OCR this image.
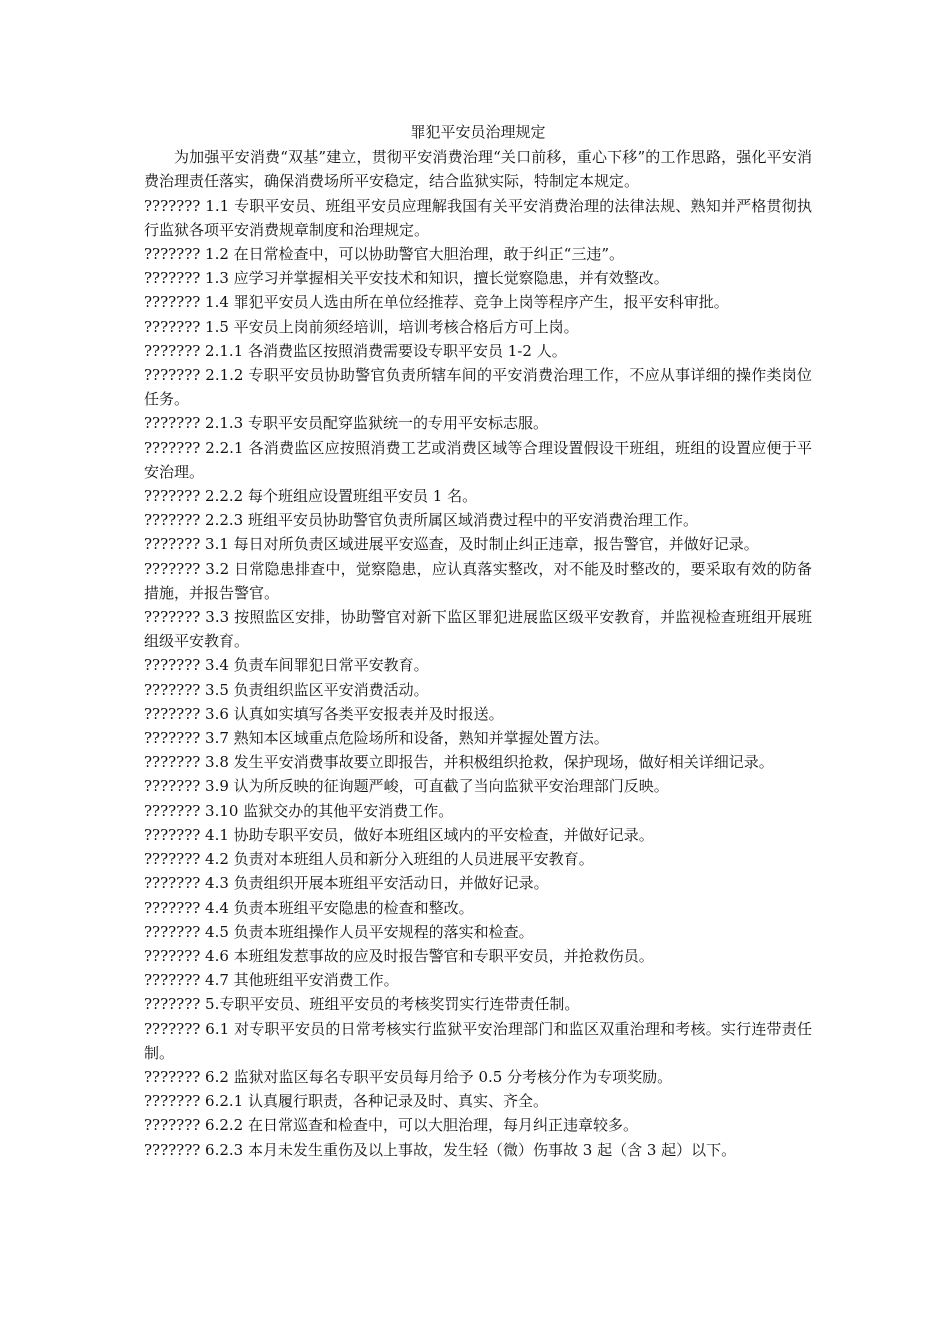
罪犯平安员治理规定
为加强平安消费“双基”建立，贯彻平安消费治理“关口前移，重心下移”的工作思路，强化平安消费治理责任落实，确保消费场所平安稳定，结合监狱实际，特制定本规定。
??????? 1.1 专职平安员、班组平安员应理解我国有关平安消费治理的法律法规、熟知并严格贯彻执行监狱各项平安消费规章制度和治理规定。
??????? 1.2 在日常检查中，可以协助警官大胆治理，敢于纠正“三违”。
??????? 1.3 应学习并掌握相关平安技术和知识，擅长觉察隐患，并有效整改。
??????? 1.4 罪犯平安员人选由所在单位经推荐、竞争上岗等程序产生，报平安科审批。
??????? 1.5 平安员上岗前须经培训，培训考核合格后方可上岗。
??????? 2.1.1 各消费监区按照消费需要设专职平安员 1-2 人。
??????? 2.1.2 专职平安员协助警官负责所辖车间的平安消费治理工作，不应从事详细的操作类岗位任务。
??????? 2.1.3 专职平安员配穿监狱统一的专用平安标志服。
??????? 2.2.1 各消费监区应按照消费工艺或消费区域等合理设置假设干班组，班组的设置应便于平安治理。
??????? 2.2.2 每个班组应设置班组平安员 1 名。
??????? 2.2.3 班组平安员协助警官负责所属区域消费过程中的平安消费治理工作。
??????? 3.1 每日对所负责区域进展平安巡查，及时制止纠正违章，报告警官，并做好记录。
??????? 3.2 日常隐患排查中，觉察隐患，应认真落实整改，对不能及时整改的，要采取有效的防备措施，并报告警官。
??????? 3.3 按照监区安排，协助警官对新下监区罪犯进展监区级平安教育，并监视检查班组开展班组级平安教育。
??????? 3.4 负责车间罪犯日常平安教育。
??????? 3.5 负责组织监区平安消费活动。
??????? 3.6 认真如实填写各类平安报表并及时报送。
??????? 3.7 熟知本区域重点危险场所和设备，熟知并掌握处置方法。
??????? 3.8 发生平安消费事故要立即报告，并积极组织抢救，保护现场，做好相关详细记录。
??????? 3.9 认为所反映的征询题严峻，可直截了当向监狱平安治理部门反映。
??????? 3.10 监狱交办的其他平安消费工作。
??????? 4.1 协助专职平安员，做好本班组区域内的平安检查，并做好记录。
??????? 4.2 负责对本班组人员和新分入班组的人员进展平安教育。
??????? 4.3 负责组织开展本班组平安活动日，并做好记录。
??????? 4.4 负责本班组平安隐患的检查和整改。
??????? 4.5 负责本班组操作人员平安规程的落实和检查。
??????? 4.6 本班组发惹事故的应及时报告警官和专职平安员，并抢救伤员。
??????? 4.7 其他班组平安消费工作。
??????? 5.专职平安员、班组平安员的考核奖罚实行连带责任制。
??????? 6.1 对专职平安员的日常考核实行监狱平安治理部门和监区双重治理和考核。实行连带责任制。
??????? 6.2 监狱对监区每名专职平安员每月给予 0.5 分考核分作为专项奖励。
??????? 6.2.1 认真履行职责，各种记录及时、真实、齐全。
??????? 6.2.2 在日常巡查和检查中，可以大胆治理，每月纠正违章较多。
??????? 6.2.3 本月未发生重伤及以上事故，发生轻（微）伤事故 3 起（含 3 起）以下。
